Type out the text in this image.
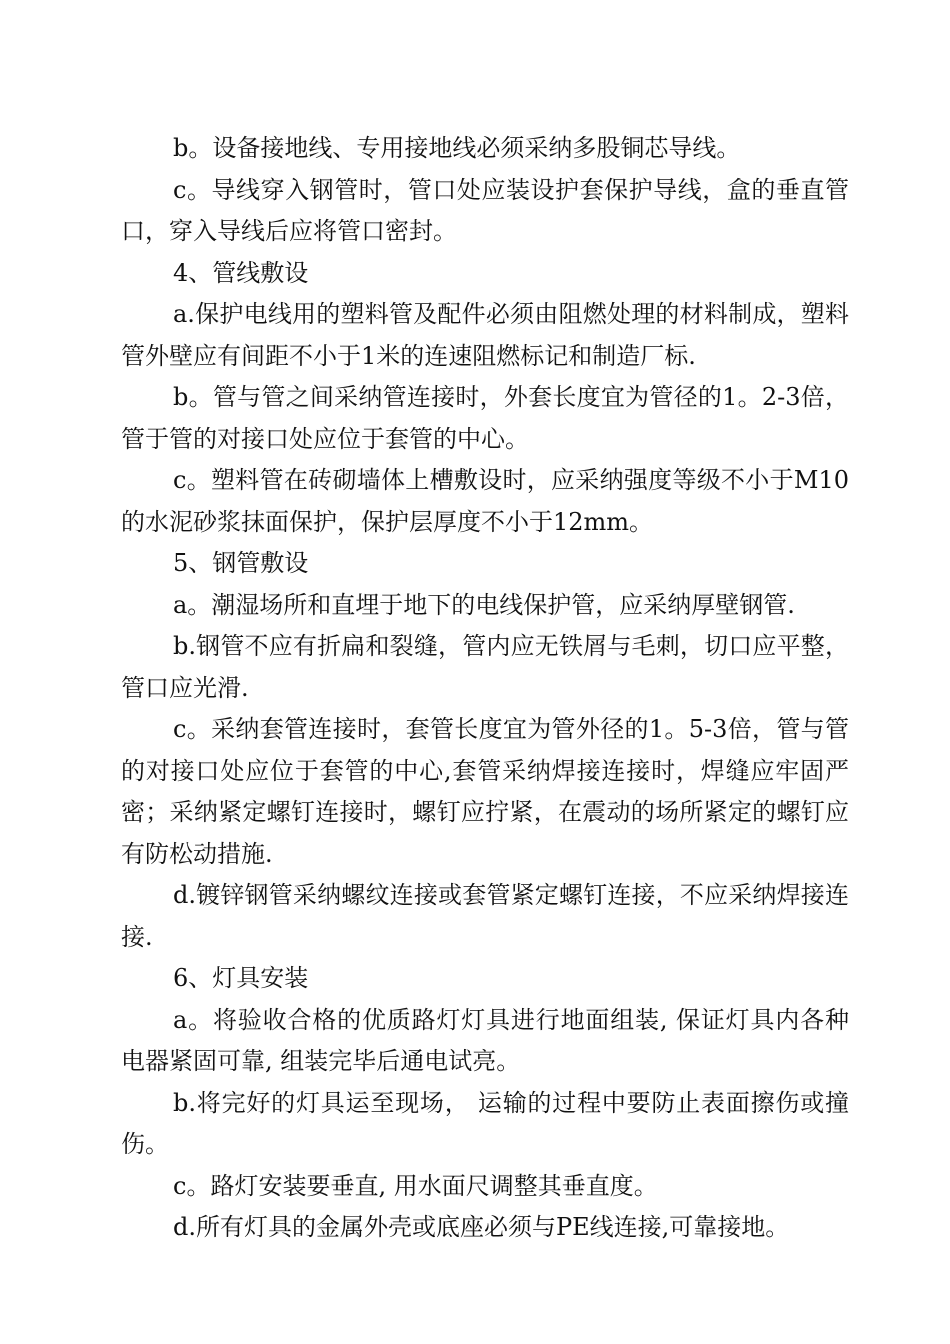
b。设备接地线、专用接地线必须采纳多股铜芯导线。

c。导线穿入钢管时，管口处应装设护套保护导线，盒的垂直管口，穿入导线后应将管口密封。

4、管线敷设

a.保护电线用的塑料管及配件必须由阻燃处理的材料制成，塑料管外壁应有间距不小于1米的连速阻燃标记和制造厂标.

b。管与管之间采纳管连接时，外套长度宜为管径的1。2-3倍，管于管的对接口处应位于套管的中心。

c。塑料管在砖砌墙体上槽敷设时，应采纳强度等级不小于M10的水泥砂浆抹面保护，保护层厚度不小于12mm。

5、钢管敷设

a。潮湿场所和直埋于地下的电线保护管，应采纳厚壁钢管.

b.钢管不应有折扁和裂缝，管内应无铁屑与毛刺，切口应平整，管口应光滑.

c。采纳套管连接时，套管长度宜为管外径的1。5-3倍，管与管的对接口处应位于套管的中心,套管采纳焊接连接时，焊缝应牢固严密；采纳紧定螺钉连接时，螺钉应拧紧，在震动的场所紧定的螺钉应有防松动措施.

d.镀锌钢管采纳螺纹连接或套管紧定螺钉连接，不应采纳焊接连接.

6、灯具安装

a。将验收合格的优质路灯灯具进行地面组装, 保证灯具内各种电器紧固可靠, 组装完毕后通电试亮。

b.将完好的灯具运至现场， 运输的过程中要防止表面擦伤或撞伤。

c。路灯安装要垂直, 用水面尺调整其垂直度。

d.所有灯具的金属外壳或底座必须与PE线连接,可靠接地。
